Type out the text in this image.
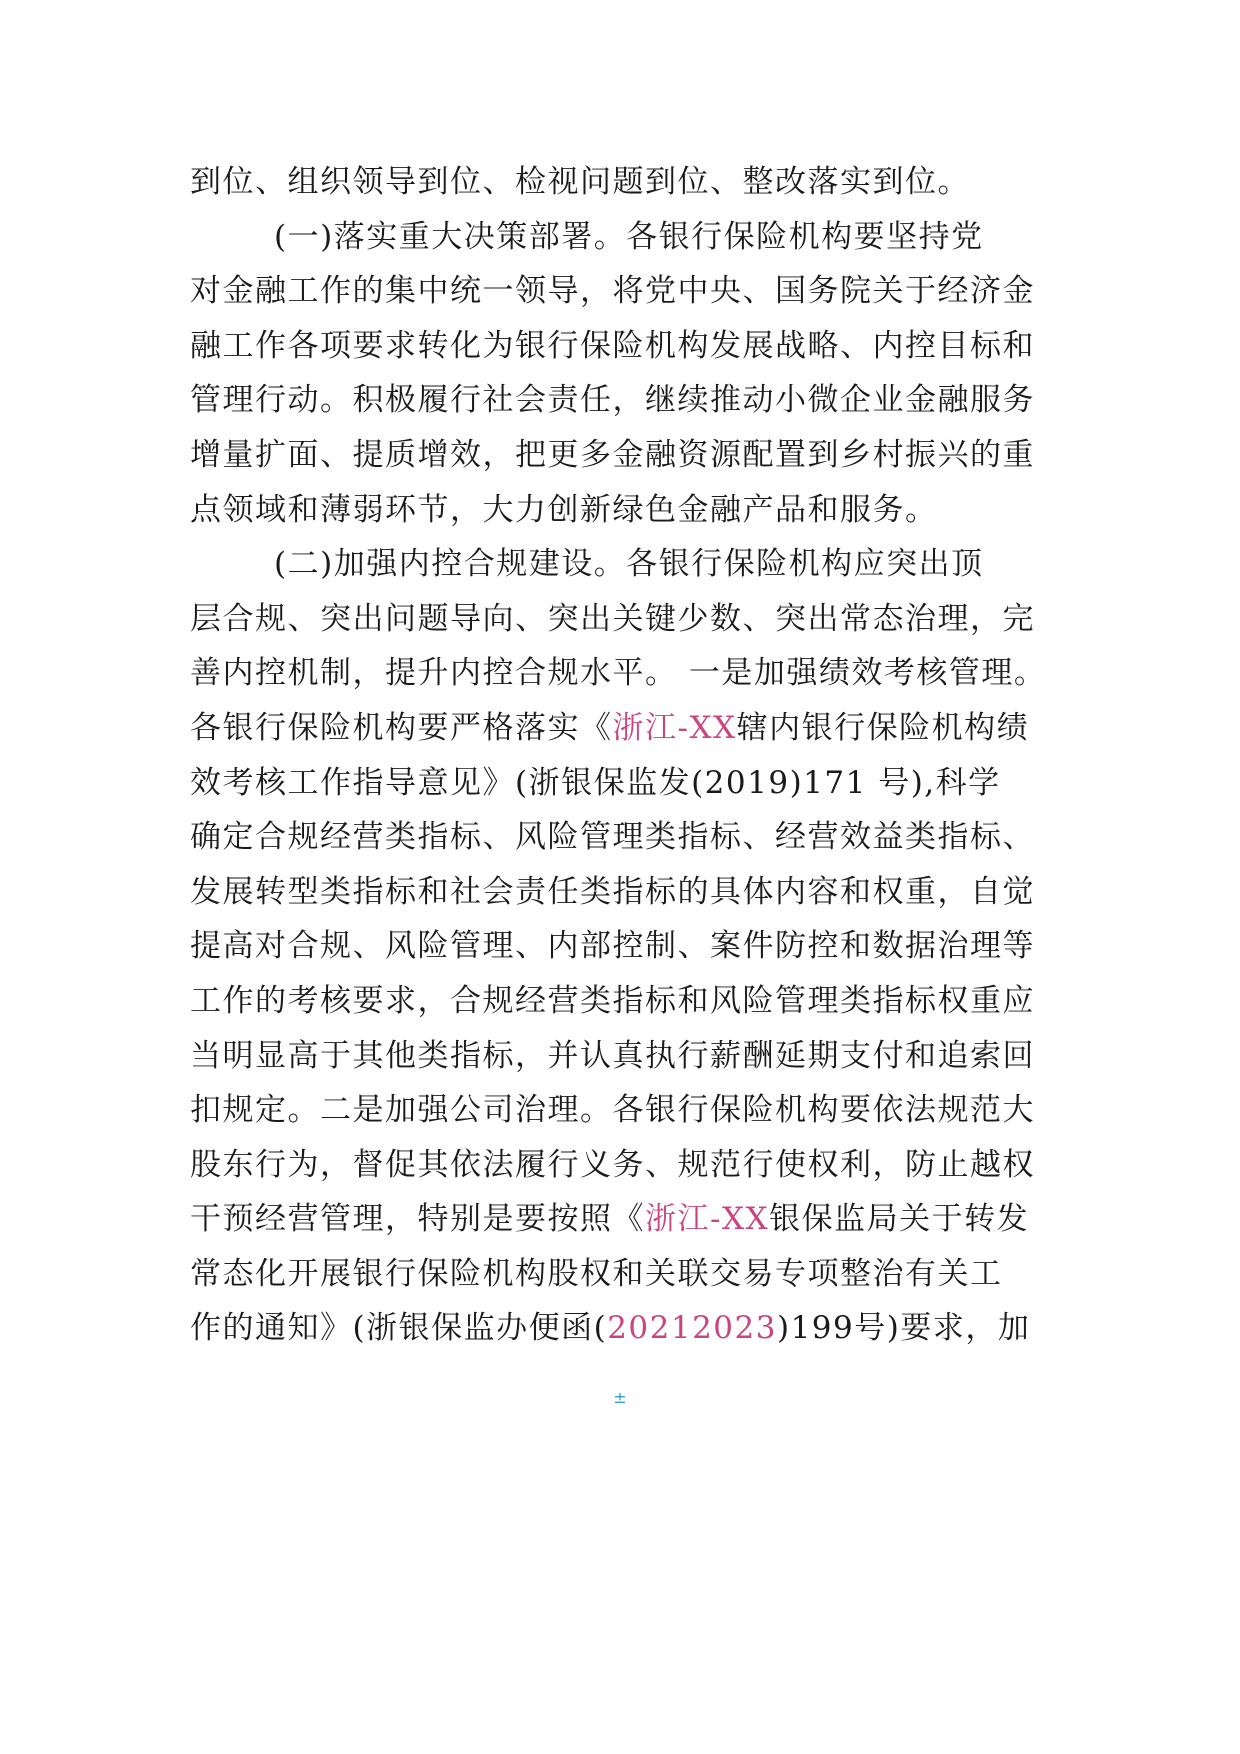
到位、组织领导到位、检视问题到位、整改落实到位。
(一)落实重大决策部署。各银行保险机构要坚持党
对金融工作的集中统一领导，将党中央、国务院关于经济金
融工作各项要求转化为银行保险机构发展战略、内控目标和
管理行动。积极履行社会责任，继续推动小微企业金融服务
增量扩面、提质增效，把更多金融资源配置到乡村振兴的重
点领域和薄弱环节，大力创新绿色金融产品和服务。
(二)加强内控合规建设。各银行保险机构应突出顶
层合规、突出问题导向、突出关键少数、突出常态治理，完
善内控机制，提升内控合规水平。 一是加强绩效考核管理。
各银行保险机构要严格落实《浙江-XX辖内银行保险机构绩
效考核工作指导意见》(浙银保监发(2019)171 号),科学
确定合规经营类指标、风险管理类指标、经营效益类指标、
发展转型类指标和社会责任类指标的具体内容和权重，自觉
提高对合规、风险管理、内部控制、案件防控和数据治理等
工作的考核要求，合规经营类指标和风险管理类指标权重应
当明显高于其他类指标，并认真执行薪酬延期支付和追索回
扣规定。二是加强公司治理。各银行保险机构要依法规范大
股东行为，督促其依法履行义务、规范行使权利，防止越权
干预经营管理，特别是要按照《浙江-XX银保监局关于转发
常态化开展银行保险机构股权和关联交易专项整治有关工
作的通知》(浙银保监办便函(20212023)199号)要求，加
±
